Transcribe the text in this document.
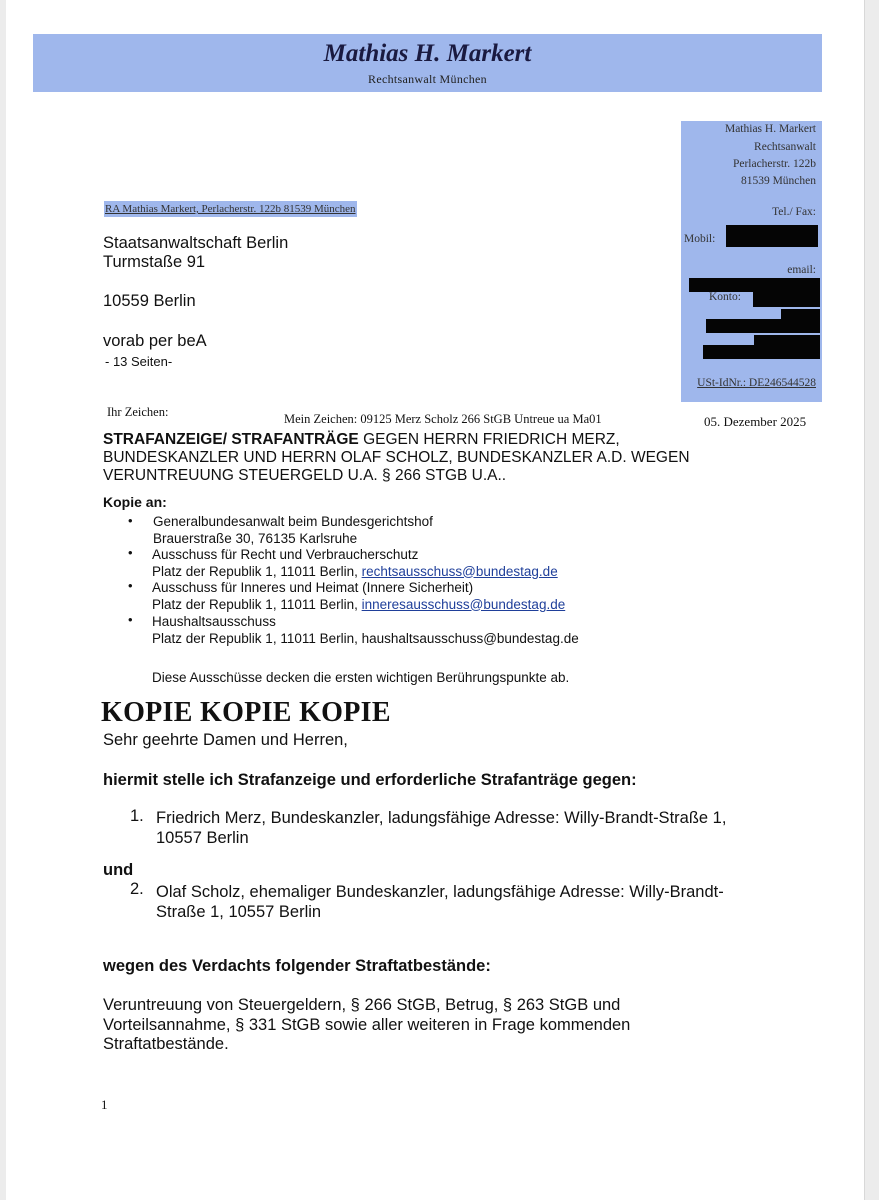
Mathias H. Markert
Rechtsanwalt München
Mathias H. Markert
Rechtsanwalt
Perlacherstr. 122b
81539 München
Tel./ Fax:
Mobil:
email:
Konto:
USt-IdNr.: DE246544528
RA Mathias Markert, Perlacherstr. 122b 81539 München
Staatsanwaltschaft Berlin
Turmstaße 91
10559 Berlin
vorab per beA
- 13 Seiten-
Ihr Zeichen:	Mein Zeichen: 09125 Merz Scholz 266 StGB Untreue ua Ma01	05. Dezember 2025
STRAFANZEIGE/ STRAFANTRÄGE GEGEN HERRN FRIEDRICH MERZ, BUNDESKANZLER UND HERRN OLAF SCHOLZ, BUNDESKANZLER A.D. WEGEN VERUNTREUUNG STEUERGELD U.A. § 266 STGB U.A..
Kopie an:
• Generalbundesanwalt beim Bundesgerichtshof
Brauerstraße 30, 76135 Karlsruhe
• Ausschuss für Recht und Verbraucherschutz
Platz der Republik 1, 11011 Berlin, rechtsausschuss@bundestag.de
• Ausschuss für Inneres und Heimat (Innere Sicherheit)
Platz der Republik 1, 11011 Berlin, inneresausschuss@bundestag.de
• Haushaltsausschuss
Platz der Republik 1, 11011 Berlin, haushaltsausschuss@bundestag.de
Diese Ausschüsse decken die ersten wichtigen Berührungspunkte ab.
KOPIE KOPIE KOPIE
Sehr geehrte Damen und Herren,
hiermit stelle ich Strafanzeige und erforderliche Strafanträge gegen:
1. Friedrich Merz, Bundeskanzler, ladungsfähige Adresse: Willy-Brandt-Straße 1,
10557 Berlin
und
2. Olaf Scholz, ehemaliger Bundeskanzler, ladungsfähige Adresse: Willy-Brandt-
Straße 1, 10557 Berlin
wegen des Verdachts folgender Straftatbestände:
Veruntreuung von Steuergeldern, § 266 StGB, Betrug, § 263 StGB und
Vorteilsannahme, § 331 StGB sowie aller weiteren in Frage kommenden
Straftatbestände.
1
